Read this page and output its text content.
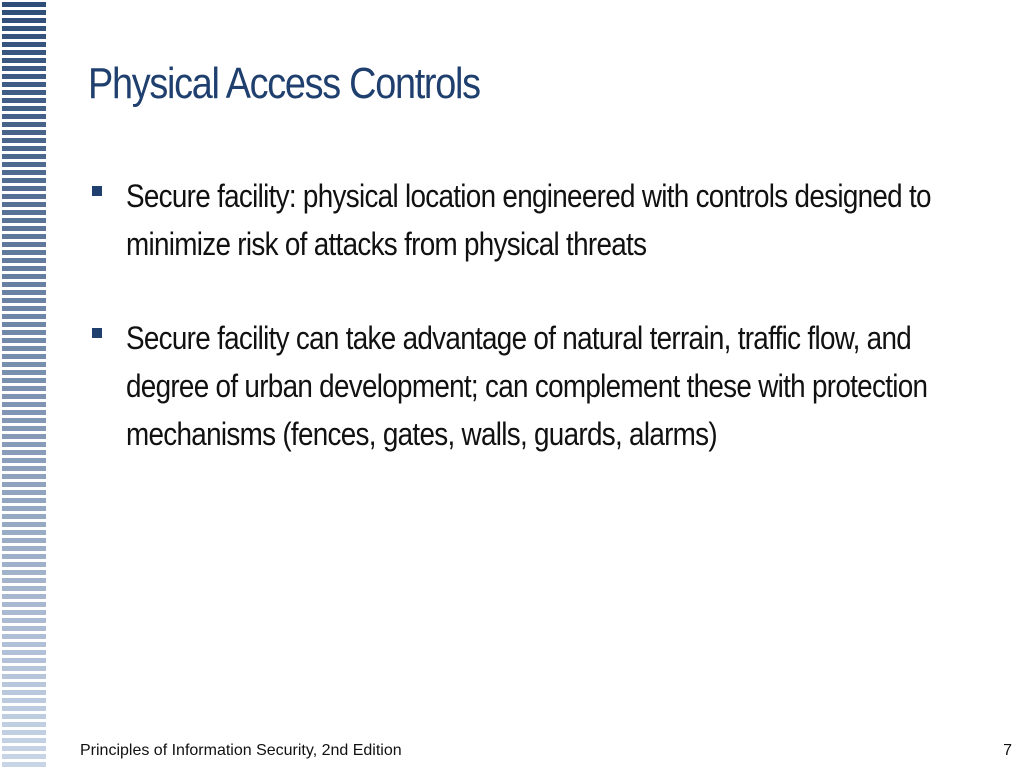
Physical Access Controls
Secure facility: physical location engineered with controls designed to minimize risk of attacks from physical threats
Secure facility can take advantage of natural terrain, traffic flow, and degree of urban development; can complement these with protection mechanisms (fences, gates, walls, guards, alarms)
Principles of Information Security, 2nd Edition	7
